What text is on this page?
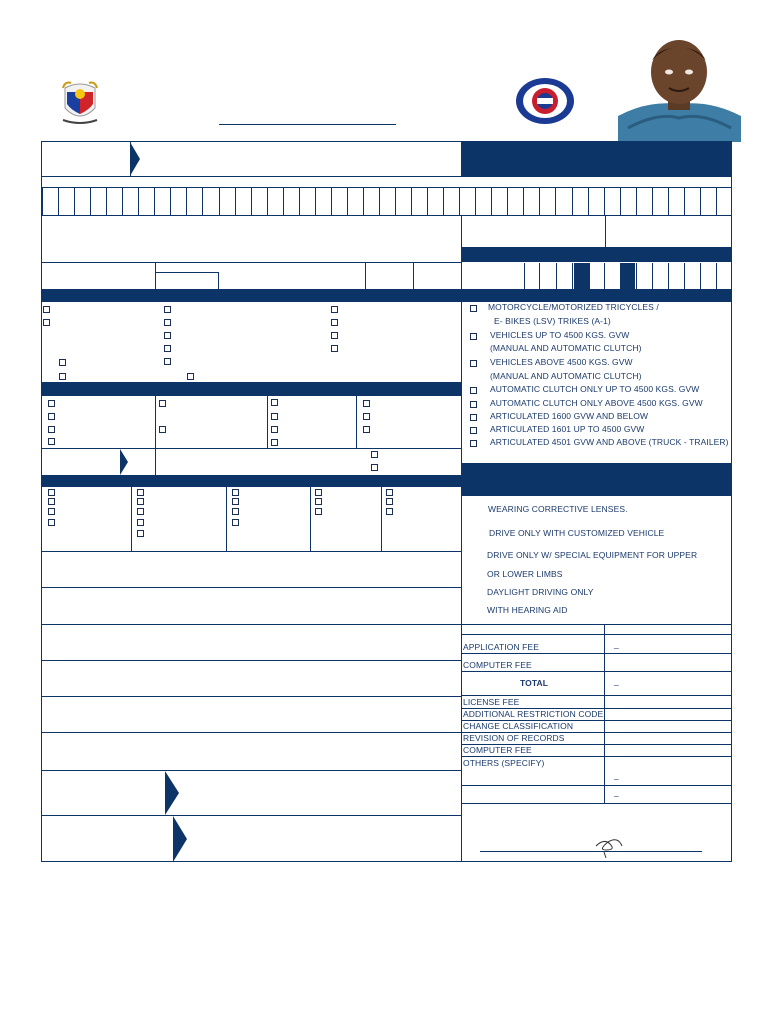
MOTORCYCLE/MOTORIZED TRICYCLES /
E- BIKES (LSV) TRIKES (A-1)
VEHICLES UP TO 4500 KGS. GVW
(MANUAL AND AUTOMATIC CLUTCH)
VEHICLES ABOVE 4500 KGS. GVW
(MANUAL AND AUTOMATIC CLUTCH)
AUTOMATIC CLUTCH ONLY UP TO 4500 KGS. GVW
AUTOMATIC CLUTCH ONLY ABOVE 4500 KGS. GVW
ARTICULATED 1600 GVW AND BELOW
ARTICULATED 1601 UP TO 4500 GVW
ARTICULATED 4501 GVW AND ABOVE (TRUCK - TRAILER)
WEARING CORRECTIVE LENSES.
DRIVE ONLY WITH CUSTOMIZED VEHICLE
DRIVE ONLY W/ SPECIAL EQUIPMENT FOR UPPER
OR LOWER LIMBS
DAYLIGHT DRIVING ONLY
WITH HEARING AID
APPLICATION FEE	_
COMPUTER FEE
TOTAL	_
LICENSE FEE
ADDITIONAL RESTRICTION CODE
CHANGE CLASSIFICATION
REVISION OF RECORDS
COMPUTER FEE
OTHERS (SPECIFY)
_
_
